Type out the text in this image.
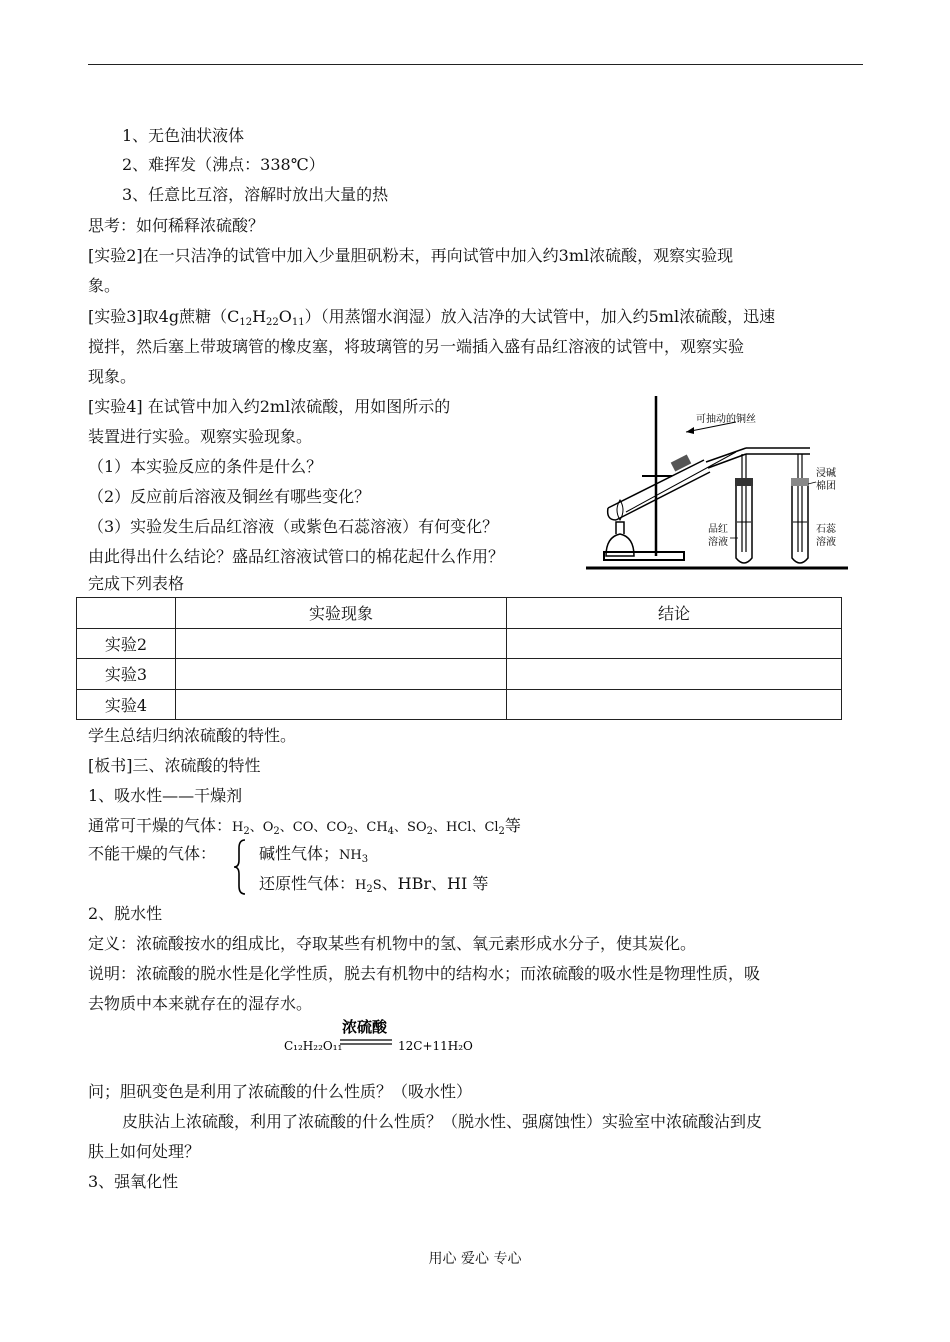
1、无色油状液体
2、难挥发（沸点：338℃）
3、任意比互溶，溶解时放出大量的热
思考：如何稀释浓硫酸？
[实验2]在一只洁净的试管中加入少量胆矾粉末，再向试管中加入约3ml浓硫酸，观察实验现
象。
[实验3]取4g蔗糖$(C_{12}H_{22}O_{11})$（用蒸馏水润湿）放入洁净的大试管中，加入约5ml浓硫酸，迅速
搅拌，然后塞上带玻璃管的橡皮塞，将玻璃管的另一端插入盛有品红溶液的试管中，观察实验
现象。
[实验4] 在试管中加入约2ml浓硫酸，用如图所示的
装置进行实验。观察实验现象。
（1）本实验反应的条件是什么？
（2）反应前后溶液及铜丝有哪些变化？
（3）实验发生后品红溶液（或紫色石蕊溶液）有何变化？
由此得出什么结论？盛品红溶液试管口的棉花起什么作用？
可抽动的铜丝
品红
溶液
浸碱
棉团
石蕊
溶液
完成下列表格
	实验现象	结论
实验2		
实验3		
实验4		
学生总结归纳浓硫酸的特性。
[板书]三、浓硫酸的特性
1、吸水性——干燥剂
通常可干燥的气体：$H_2$、$O_2$、CO、$CO_2$、$CH_4$、$SO_2$、HCl、$Cl_2$等
不能干燥的气体：	碱性气体；$NH_3$
还原性气体：$H_2S$、HBr、HI 等
2、脱水性
定义：浓硫酸按水的组成比，夺取某些有机物中的氢、氧元素形成水分子，使其炭化。
说明：浓硫酸的脱水性是化学性质，脱去有机物中的结构水；而浓硫酸的吸水性是物理性质，吸
去物质中本来就存在的湿存水。
浓硫酸
C₁₂H₂₂O₁₁	12C+11H₂O
问；胆矾变色是利用了浓硫酸的什么性质？（吸水性）
皮肤沾上浓硫酸，利用了浓硫酸的什么性质？（脱水性、强腐蚀性）实验室中浓硫酸沾到皮
肤上如何处理？
3、强氧化性
用心 爱心 专心
